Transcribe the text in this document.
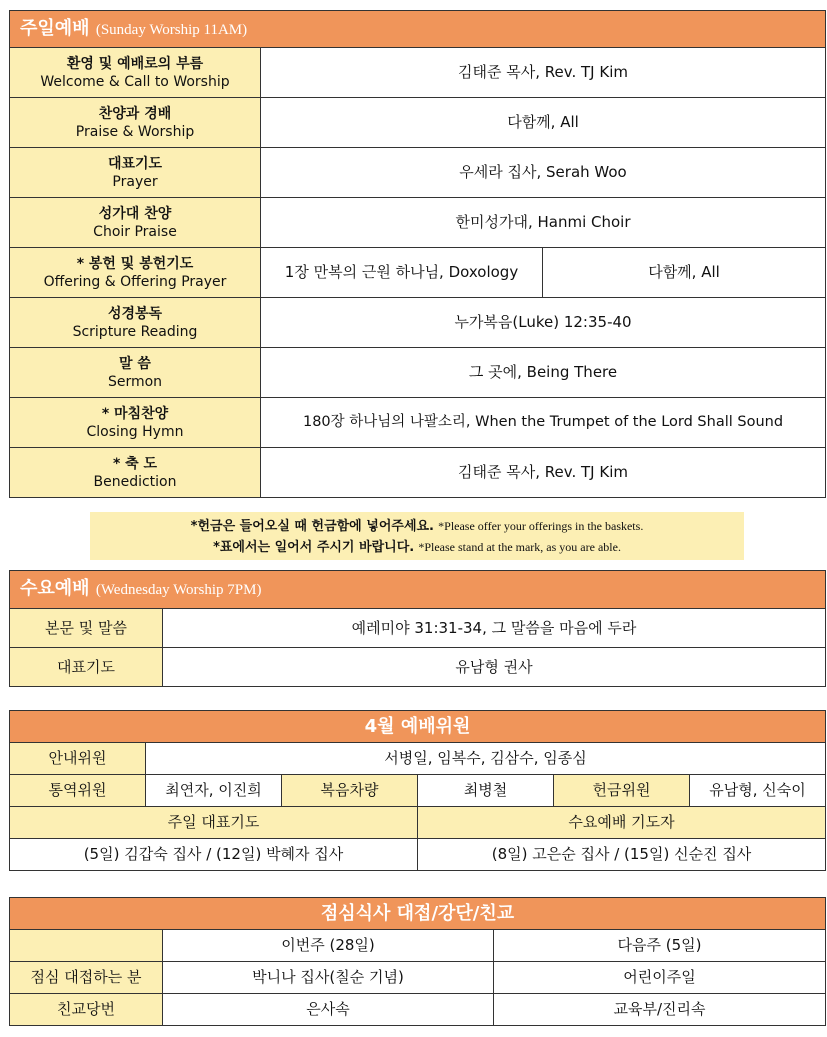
주일예배 (Sunday Worship 11AM)		

환영 및 예배로의 부름
Welcome & Call to Worship	김태준 목사, Rev. TJ Kim	

찬양과 경배
Praise & Worship	다함께, All	

대표기도
Prayer	우세라 집사, Serah Woo	

성가대 찬양
Choir Praise	한미성가대, Hanmi Choir	

* 봉헌 및 봉헌기도
Offering & Offering Prayer	1장 만복의 근원 하나님, Doxology	다함께, All

성경봉독
Scripture Reading	누가복음(Luke) 12:35-40	

말 씀
Sermon	그 곳에, Being There	

* 마침찬양
Closing Hymn	180장 하나님의 나팔소리, When the Trumpet of the Lord Shall Sound	

* 축 도
Benediction	김태준 목사, Rev. TJ Kim	
*헌금은 들어오실 때 헌금함에 넣어주세요. *Please offer your offerings in the baskets.
*표에서는 일어서 주시기 바랍니다. *Please stand at the mark, as you are able.
수요예배 (Wednesday Worship 7PM)	
본문 및 말씀	예레미야 31:31-34, 그 말씀을 마음에 두라
대표기도	유남형 권사
4월 예배위원					
안내위원	서병일, 임복수, 김삼수, 임종심				
통역위원	최연자, 이진희	복음차량	최병철	헌금위원	유남형, 신숙이
주일 대표기도			수요예배 기도자		
(5일) 김갑숙 집사 / (12일) 박혜자 집사			(8일) 고은순 집사 / (15일) 신순진 집사		
점심식사 대접/강단/친교		
	이번주 (28일)	다음주 (5일)
점심 대접하는 분	박니나 집사(칠순 기념)	어린이주일
친교당번	은사속	교육부/진리속
